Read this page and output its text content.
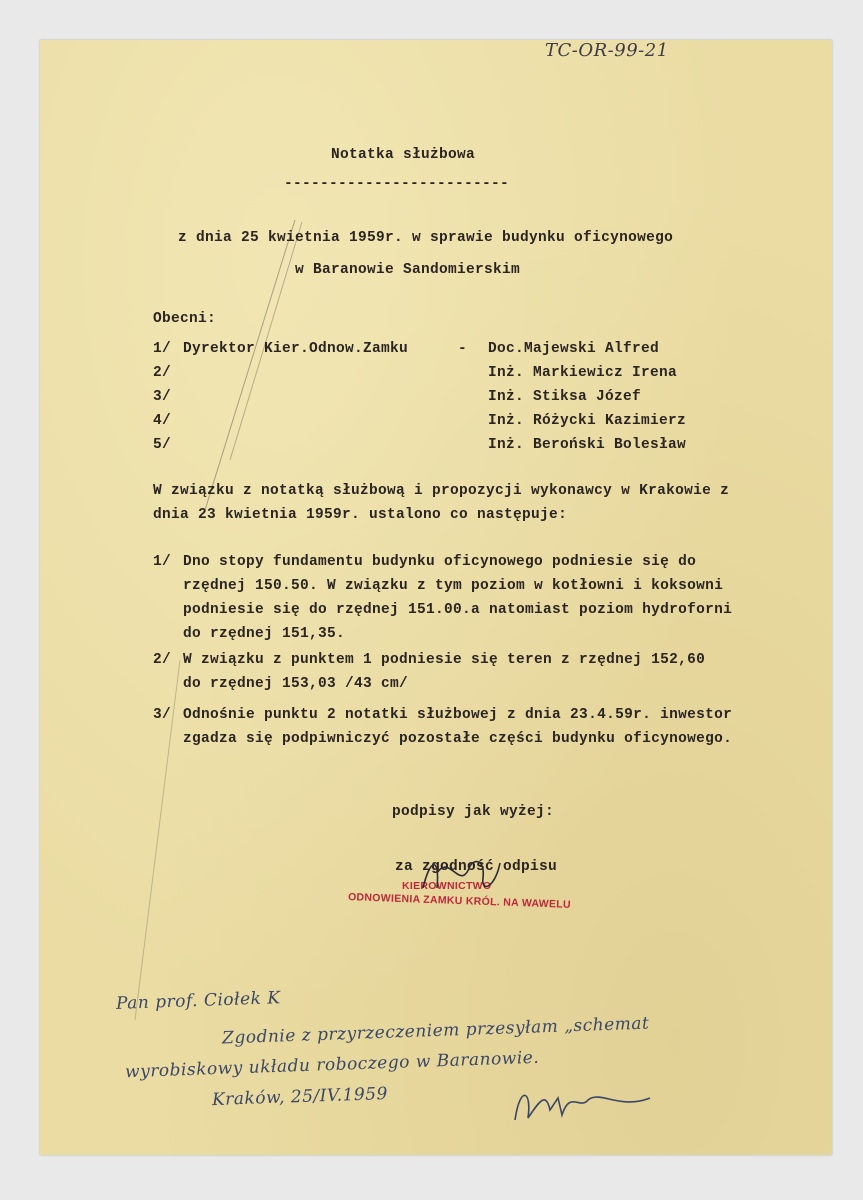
TC-OR-99-21
Notatka służbowa
-------------------------
z dnia 25 kwietnia 1959r. w sprawie budynku oficynowego
w Baranowie Sandomierskim
Obecni:
1/ Dyrektor Kier.Odnow.Zamku	- Doc.Majewski Alfred
2/	Inż. Markiewicz Irena
3/	Inż. Stiksa Józef
4/	Inż. Różycki Kazimierz
5/	Inż. Beroński Bolesław
W związku z notatką służbową i propozycji wykonawcy w Krakowie z
dnia 23 kwietnia 1959r. ustalono co następuje:
1/ Dno stopy fundamentu budynku oficynowego podniesie się do
rzędnej 150.50. W związku z tym poziom w kotłowni i koksowni
podniesie się do rzędnej 151.00.a natomiast poziom hydroforni
do rzędnej 151,35.
2/ W związku z punktem 1 podniesie się teren z rzędnej 152,60
do rzędnej 153,03 /43 cm/
3/ Odnośnie punktu 2 notatki służbowej z dnia 23.4.59r. inwestor
zgadza się podpiwniczyć pozostałe części budynku oficynowego.
podpisy jak wyżej:
za zgodność odpisu
KIEROWNICTWO
ODNOWIENIA ZAMKU KRÓL. NA WAWELU
Pan prof. Ciołek K
Zgodnie z przyrzeczeniem przesyłam „schemat
wyrobiskowy układu roboczego w Baranowie.
Kraków, 25/IV.1959
